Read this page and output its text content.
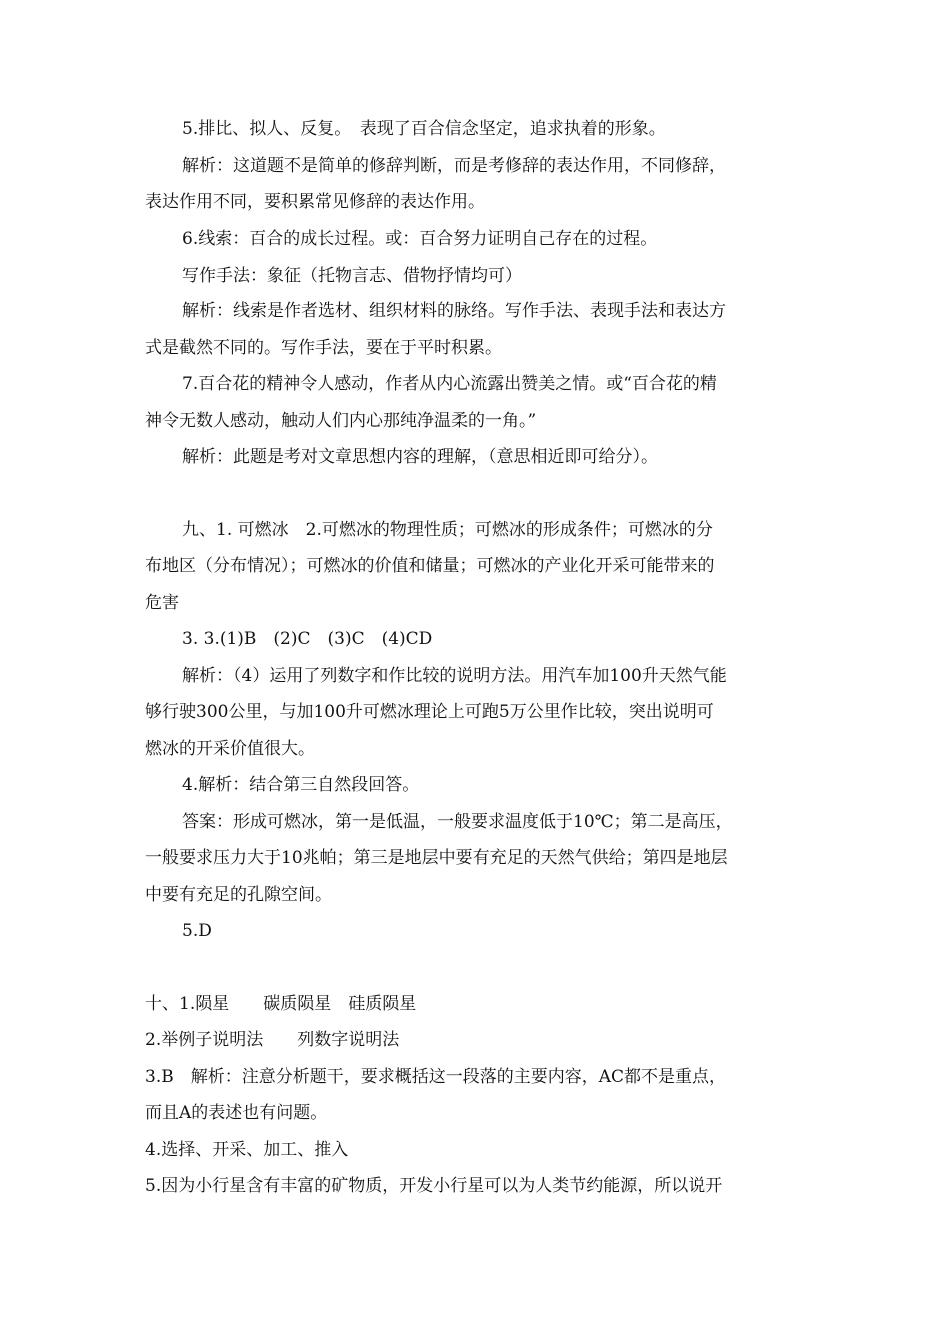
5.排比、拟人、反复。　表现了百合信念坚定，追求执着的形象。

解析：这道题不是简单的修辞判断，而是考修辞的表达作用，不同修辞，

表达作用不同，要积累常见修辞的表达作用。

6.线索：百合的成长过程。或：百合努力证明自己存在的过程。

写作手法：象征（托物言志、借物抒情均可）

解析：线索是作者选材、组织材料的脉络。写作手法、表现手法和表达方

式是截然不同的。写作手法，要在于平时积累。

7.百合花的精神令人感动，作者从内心流露出赞美之情。或“百合花的精

神令无数人感动，触动人们内心那纯净温柔的一角。”

解析：此题是考对文章思想内容的理解，（意思相近即可给分）。

九、1. 可燃冰　2.可燃冰的物理性质；可燃冰的形成条件；可燃冰的分

布地区（分布情况）；可燃冰的价值和储量；可燃冰的产业化开采可能带来的

危害

3. 3.(1)B　(2)C　(3)C　(4)CD

解析：（4）运用了列数字和作比较的说明方法。用汽车加100升天然气能

够行驶300公里，与加100升可燃冰理论上可跑5万公里作比较，突出说明可

燃冰的开采价值很大。

4.解析：结合第三自然段回答。

答案：形成可燃冰，第一是低温，一般要求温度低于10℃；第二是高压，

一般要求压力大于10兆帕；第三是地层中要有充足的天然气供给；第四是地层

中要有充足的孔隙空间。

5.D

十、1.陨星　　碳质陨星　硅质陨星

2.举例子说明法　　列数字说明法

3.B　解析：注意分析题干，要求概括这一段落的主要内容，AC都不是重点，

而且A的表述也有问题。

4.选择、开采、加工、推入

5.因为小行星含有丰富的矿物质，开发小行星可以为人类节约能源，所以说开
